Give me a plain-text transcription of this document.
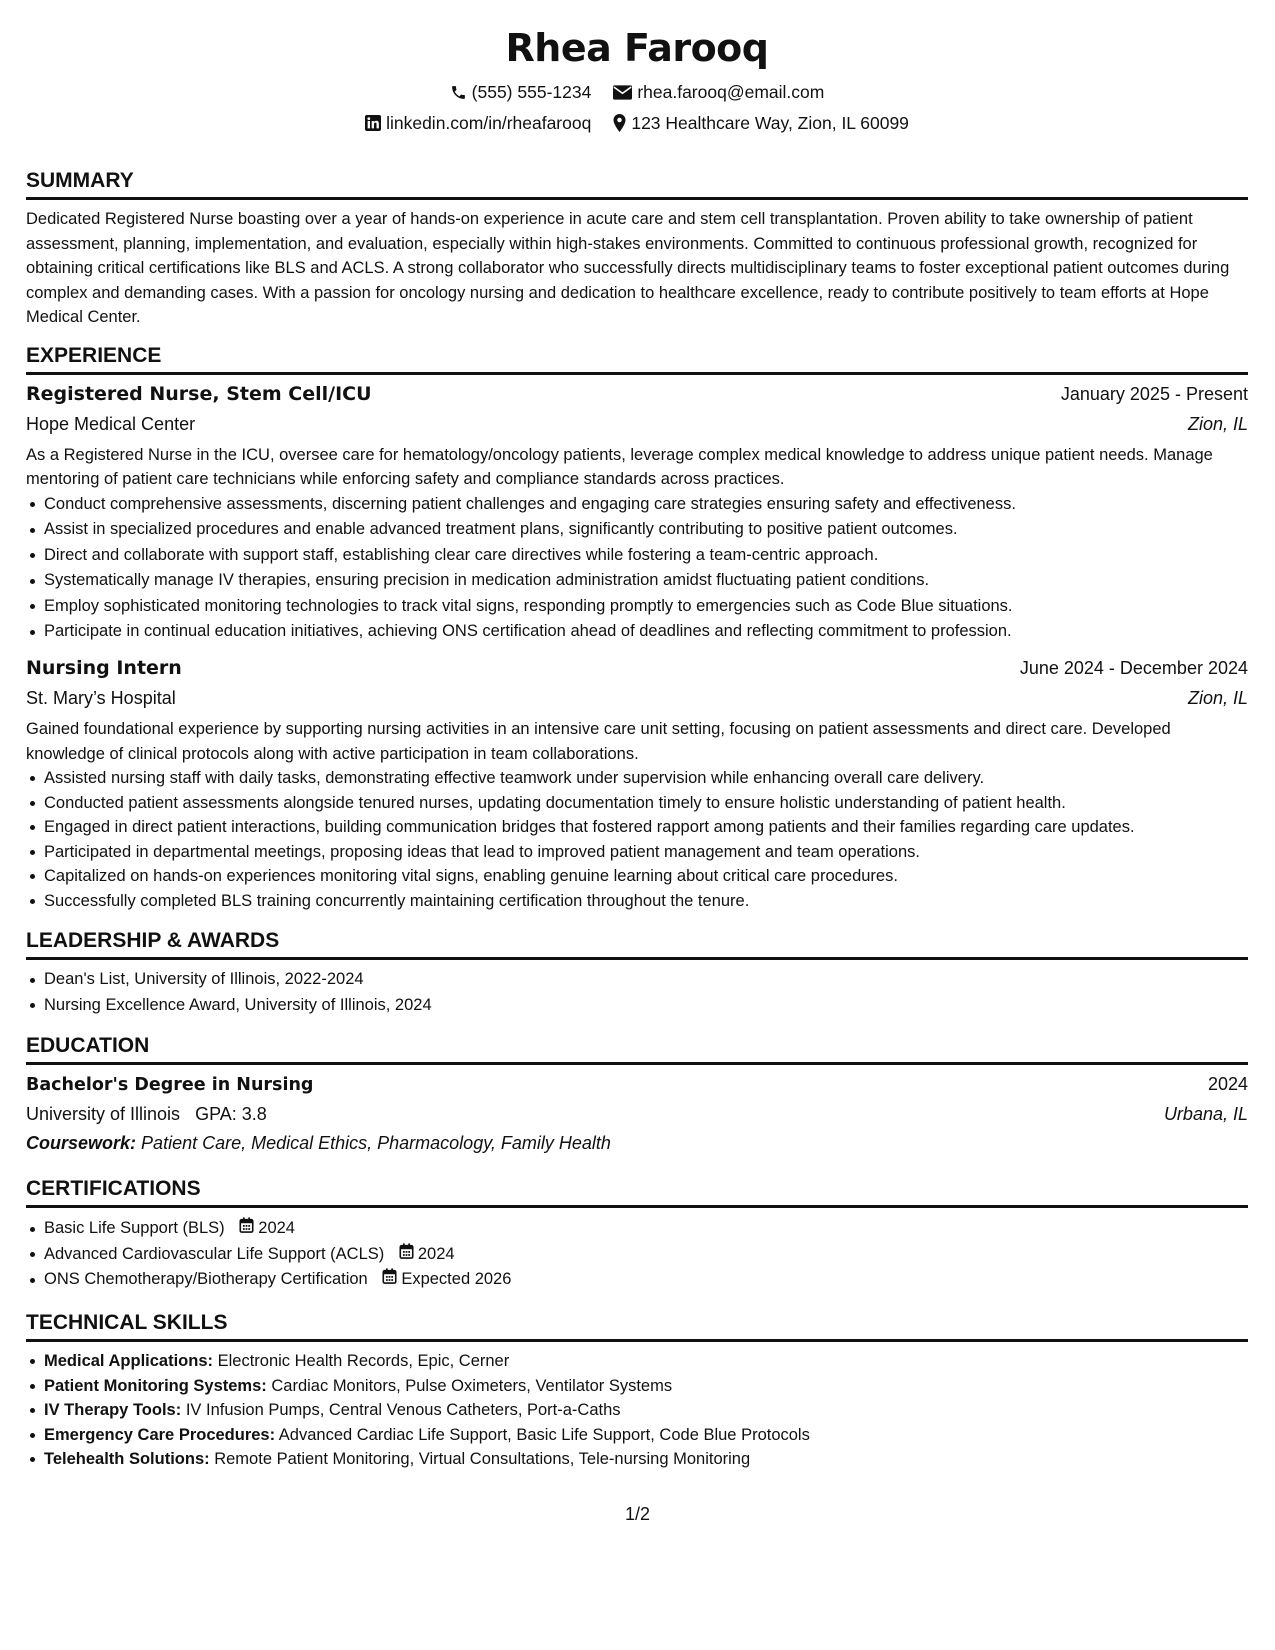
Rhea Farooq
(555) 555-1234	rhea.farooq@email.com
linkedin.com/in/rheafarooq 123 Healthcare Way, Zion, IL 60099
SUMMARY

Dedicated Registered Nurse boasting over a year of hands-on experience in acute care and stem cell transplantation. Proven ability to take ownership of patient assessment, planning, implementation, and evaluation, especially within high-stakes environments. Committed to continuous professional growth, recognized for obtaining critical certifications like BLS and ACLS. A strong collaborator who successfully directs multidisciplinary teams to foster exceptional patient outcomes during complex and demanding cases. With a passion for oncology nursing and dedication to healthcare excellence, ready to contribute positively to team efforts at Hope Medical Center.

EXPERIENCE
Registered Nurse, Stem Cell/ICU	January 2025 - Present
Hope Medical Center	Zion, IL

As a Registered Nurse in the ICU, oversee care for hematology/oncology patients, leverage complex medical knowledge to address unique patient needs. Manage mentoring of patient care technicians while enforcing safety and compliance standards across practices.

Conduct comprehensive assessments, discerning patient challenges and engaging care strategies ensuring safety and effectiveness.
Assist in specialized procedures and enable advanced treatment plans, significantly contributing to positive patient outcomes.
Direct and collaborate with support staff, establishing clear care directives while fostering a team-centric approach.
Systematically manage IV therapies, ensuring precision in medication administration amidst fluctuating patient conditions.
Employ sophisticated monitoring technologies to track vital signs, responding promptly to emergencies such as Code Blue situations.
Participate in continual education initiatives, achieving ONS certification ahead of deadlines and reflecting commitment to profession.
Nursing Intern	June 2024 - December 2024
St. Mary’s Hospital	Zion, IL

Gained foundational experience by supporting nursing activities in an intensive care unit setting, focusing on patient assessments and direct care. Developed knowledge of clinical protocols along with active participation in team collaborations.

Assisted nursing staff with daily tasks, demonstrating effective teamwork under supervision while enhancing overall care delivery.
Conducted patient assessments alongside tenured nurses, updating documentation timely to ensure holistic understanding of patient health.
Engaged in direct patient interactions, building communication bridges that fostered rapport among patients and their families regarding care updates.
Participated in departmental meetings, proposing ideas that lead to improved patient management and team operations.
Capitalized on hands-on experiences monitoring vital signs, enabling genuine learning about critical care procedures.
Successfully completed BLS training concurrently maintaining certification throughout the tenure.
LEADERSHIP & AWARDS
Dean's List, University of Illinois, 2022-2024
Nursing Excellence Award, University of Illinois, 2024
EDUCATION
Bachelor's Degree in Nursing	2024
University of Illinois GPA: 3.8	Urbana, IL
Coursework: Patient Care, Medical Ethics, Pharmacology, Family Health
CERTIFICATIONS
Basic Life Support (BLS) 2024
Advanced Cardiovascular Life Support (ACLS) 2024
ONS Chemotherapy/Biotherapy Certification Expected 2026
TECHNICAL SKILLS
Medical Applications: Electronic Health Records, Epic, Cerner
Patient Monitoring Systems: Cardiac Monitors, Pulse Oximeters, Ventilator Systems
IV Therapy Tools: IV Infusion Pumps, Central Venous Catheters, Port-a-Caths
Emergency Care Procedures: Advanced Cardiac Life Support, Basic Life Support, Code Blue Protocols
Telehealth Solutions: Remote Patient Monitoring, Virtual Consultations, Tele-nursing Monitoring
1/2
